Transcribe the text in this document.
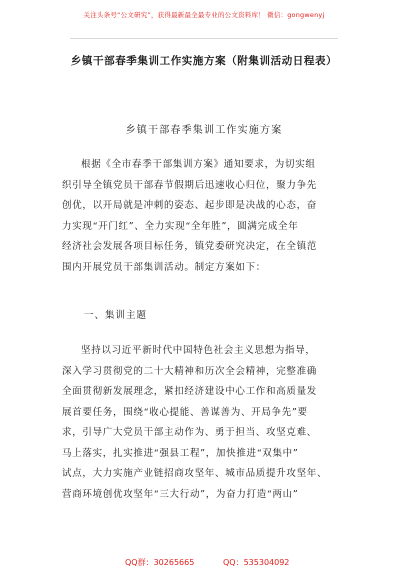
关注头条号“公文研究”，获得最新最全最专业的公文资料库！ 微信：gongwenyj
乡镇干部春季集训工作实施方案（附集训活动日程表）
乡镇干部春季集训工作实施方案
根据《全市春季干部集训方案》通知要求，为切实组
织引导全镇党员干部春节假期后迅速收心归位，聚力争先
创优，以开局就是冲刺的姿态、起步即是决战的心态，奋
力实现“开门红”、全力实现“全年胜”，圆满完成全年
经济社会发展各项目标任务，镇党委研究决定，在全镇范
围内开展党员干部集训活动。制定方案如下：
一、集训主题
坚持以习近平新时代中国特色社会主义思想为指导，
深入学习贯彻党的二十大精神和历次全会精神，完整准确
全面贯彻新发展理念，紧扣经济建设中心工作和高质量发
展首要任务，围绕“收心提能、善谋善为、开局争先”要
求，引导广大党员干部主动作为、勇于担当、攻坚克难、
马上落实，扎实推进“强县工程”，加快推进“双集中”
试点，大力实施产业链招商攻坚年、城市品质提升攻坚年、
营商环境创优攻坚年“三大行动”，为奋力打造“两山”
QQ群：30265665	QQ：535304092
